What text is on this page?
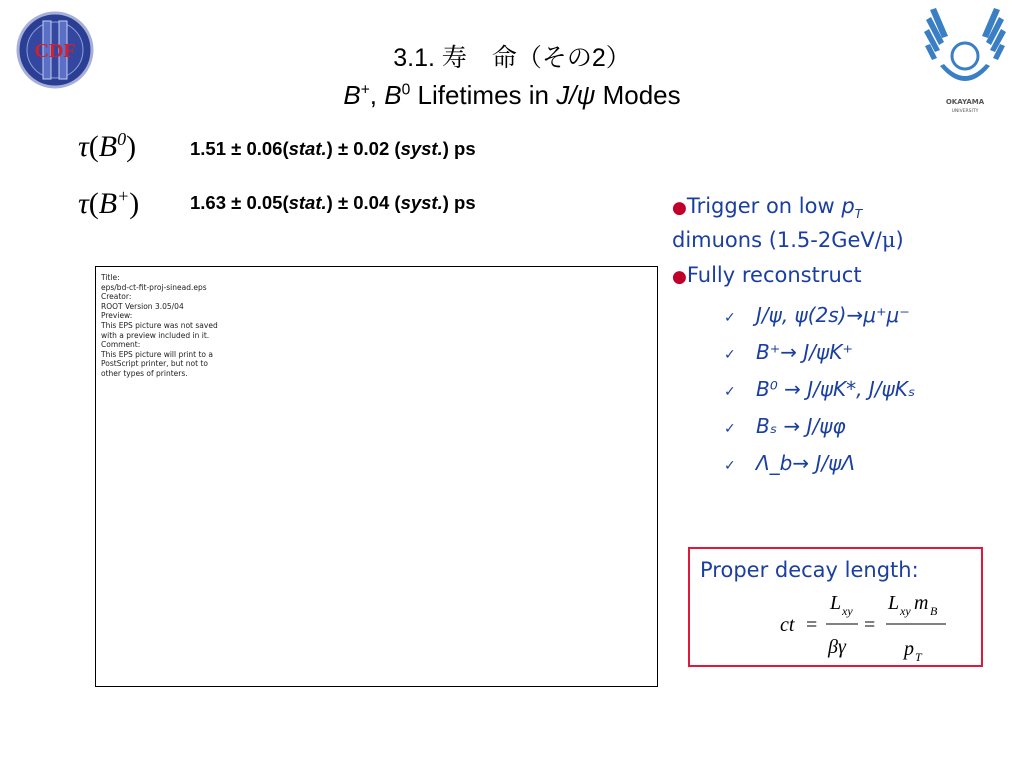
CDF
OKAYAMA
UNIVERSITY
3.1. 寿　命（その2）
B+, $B^0$ Lifetimes in J/ψ Modes
$\tau(B^0)$	1.51 ± 0.06(stat.) ± 0.02 (syst.) ps
τ(B+)	1.63 ± 0.05(stat.) ± 0.04 (syst.) ps
Title:
eps/bd-ct-fit-proj-sinead.eps
Creator:
ROOT Version 3.05/04
Preview:
This EPS picture was not saved
with a preview included in it.
Comment:
This EPS picture will print to a
PostScript printer, but not to
other types of printers.
●Trigger on low $p_T$
dimuons (1.5-2GeV/μ)
●Fully reconstruct
✓ J/ψ, ψ(2s)→μ⁺μ⁻
✓ B⁺→ J/ψK⁺
✓ B⁰ → J/ψK*, J/ψKₛ
✓ Bₛ → J/ψφ
✓ Λ_b→ J/ψΛ
Proper decay length:
ct =
L xy
βγ
=
L xy m B
p T
